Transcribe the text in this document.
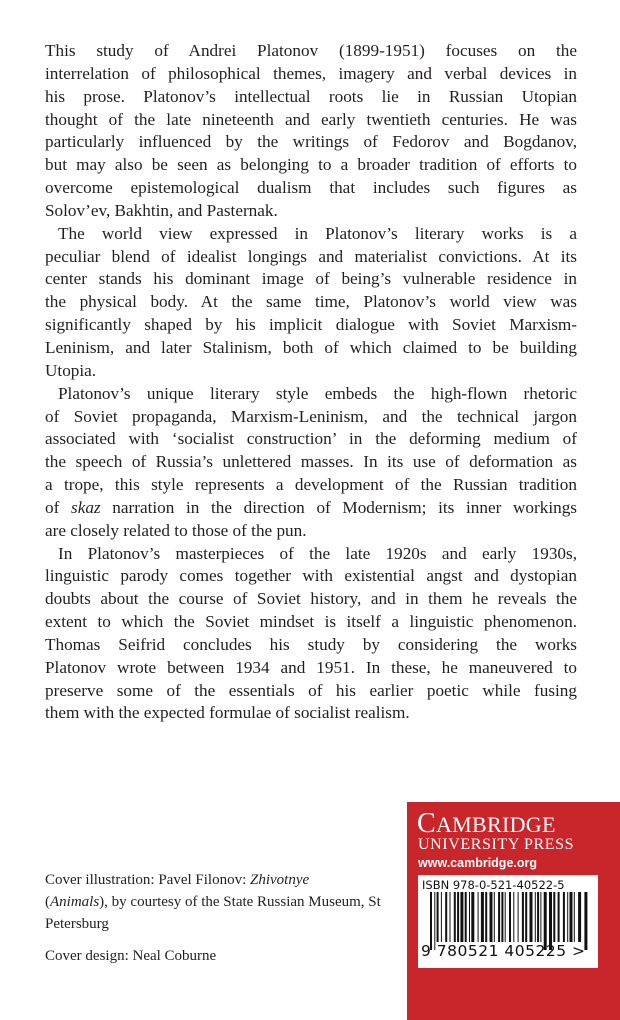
This study of Andrei Platonov (1899-1951) focuses on the
interrelation of philosophical themes, imagery and verbal devices in
his prose. Platonov’s intellectual roots lie in Russian Utopian
thought of the late nineteenth and early twentieth centuries. He was
particularly influenced by the writings of Fedorov and Bogdanov,
but may also be seen as belonging to a broader tradition of efforts to
overcome epistemological dualism that includes such figures as
Solov’ev, Bakhtin, and Pasternak.
The world view expressed in Platonov’s literary works is a
peculiar blend of idealist longings and materialist convictions. At its
center stands his dominant image of being’s vulnerable residence in
the physical body. At the same time, Platonov’s world view was
significantly shaped by his implicit dialogue with Soviet Marxism-
Leninism, and later Stalinism, both of which claimed to be building
Utopia.
Platonov’s unique literary style embeds the high-flown rhetoric
of Soviet propaganda, Marxism-Leninism, and the technical jargon
associated with ‘socialist construction’ in the deforming medium of
the speech of Russia’s unlettered masses. In its use of deformation as
a trope, this style represents a development of the Russian tradition
of skaz narration in the direction of Modernism; its inner workings
are closely related to those of the pun.
In Platonov’s masterpieces of the late 1920s and early 1930s,
linguistic parody comes together with existential angst and dystopian
doubts about the course of Soviet history, and in them he reveals the
extent to which the Soviet mindset is itself a linguistic phenomenon.
Thomas Seifrid concludes his study by considering the works
Platonov wrote between 1934 and 1951. In these, he maneuvered to
preserve some of the essentials of his earlier poetic while fusing
them with the expected formulae of socialist realism.

Cover illustration: Pavel Filonov: Zhivotnye
(Animals), by courtesy of the State Russian Museum, St Petersburg

Cover design: Neal Coburne

CAMBRIDGE
UNIVERSITY PRESS
www.cambridge.org
ISBN 978-0-521-40522-5
9 780521 405225 >
